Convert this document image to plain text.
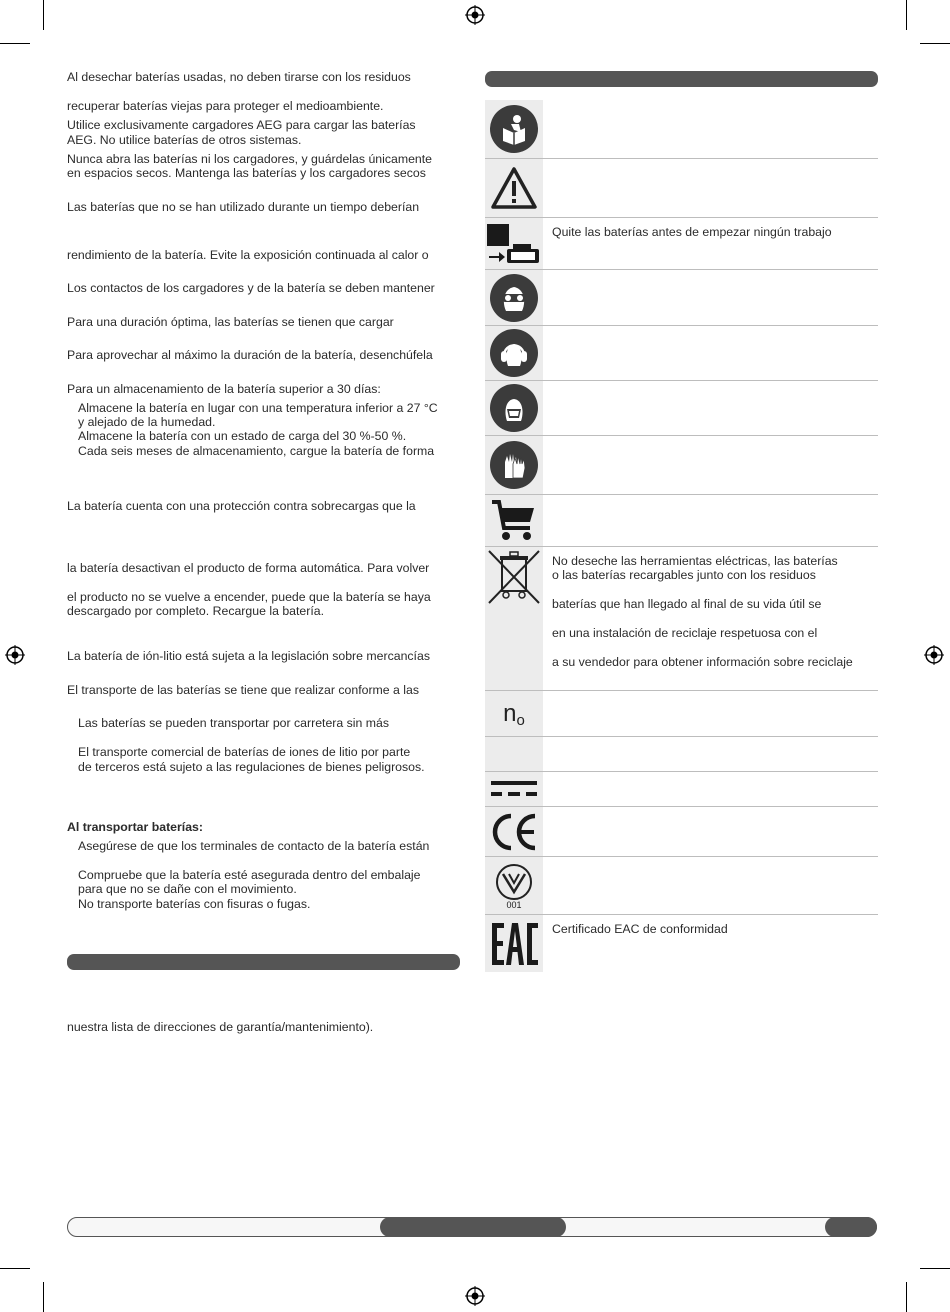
Al desechar baterías usadas, no deben tirarse con los residuos
recuperar baterías viejas para proteger el medioambiente.
Utilice exclusivamente cargadores AEG para cargar las baterías
AEG. No utilice baterías de otros sistemas.
Nunca abra las baterías ni los cargadores, y guárdelas únicamente
en espacios secos. Mantenga las baterías y los cargadores secos
Las baterías que no se han utilizado durante un tiempo deberían
rendimiento de la batería. Evite la exposición continuada al calor o
Los contactos de los cargadores y de la batería se deben mantener
Para una duración óptima, las baterías se tienen que cargar
Para aprovechar al máximo la duración de la batería, desenchúfela
Para un almacenamiento de la batería superior a 30 días:
Almacene la batería en lugar con una temperatura inferior a 27 °C
y alejado de la humedad.
Almacene la batería con un estado de carga del 30 %-50 %.
Cada seis meses de almacenamiento, cargue la batería de forma
La batería cuenta con una protección contra sobrecargas que la
la batería desactivan el producto de forma automática. Para volver
el producto no se vuelve a encender, puede que la batería se haya
descargado por completo. Recargue la batería.
La batería de ión-litio está sujeta a la legislación sobre mercancías
El transporte de las baterías se tiene que realizar conforme a las
Las baterías se pueden transportar por carretera sin más
El transporte comercial de baterías de iones de litio por parte
de terceros está sujeto a las regulaciones de bienes peligrosos.
Al transportar baterías:
Asegúrese de que los terminales de contacto de la batería están
Compruebe que la batería esté asegurada dentro del embalaje
para que no se dañe con el movimiento.
No transporte baterías con fisuras o fugas.
nuestra lista de direcciones de garantía/mantenimiento).
Quite las baterías antes de empezar ningún trabajo
No deseche las herramientas eléctricas, las baterías
o las baterías recargables junto con los residuos
baterías que han llegado al final de su vida útil se
en una instalación de reciclaje respetuosa con el
a su vendedor para obtener información sobre reciclaje
n o
001
Certificado EAC de conformidad
